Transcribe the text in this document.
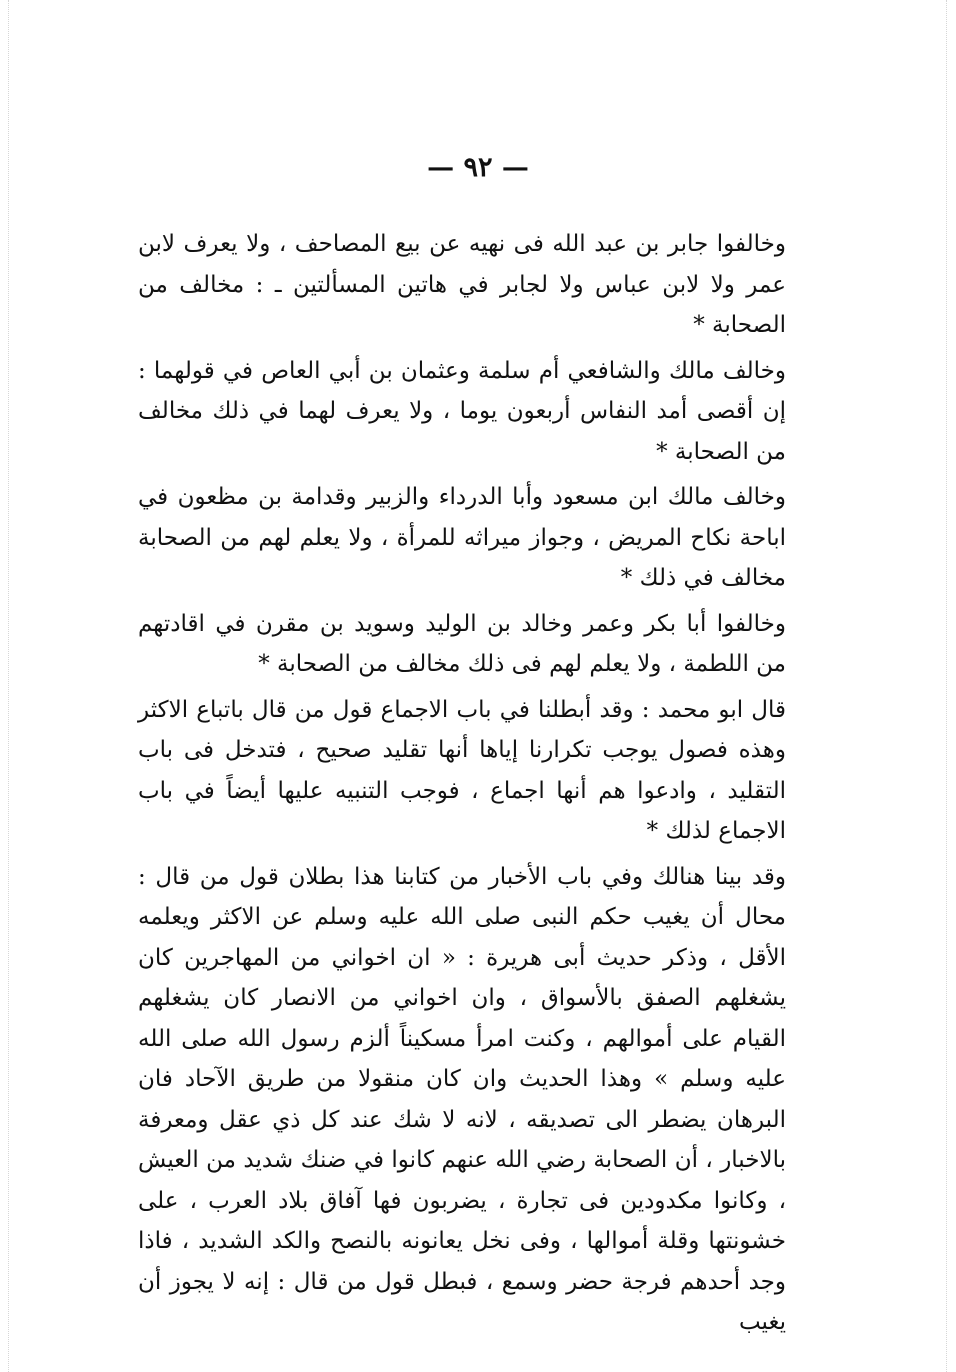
— ٩٢ —

وخالفوا جابر بن عبد الله فى نهيه عن بيع المصاحف ، ولا يعرف لابن عمر ولا لابن عباس ولا لجابر في هاتين المسألتين ـ : مخالف من الصحابة *

وخالف مالك والشافعي أم سلمة وعثمان بن أبي العاص في قولهما : إن أقصى أمد النفاس أربعون يوما ، ولا يعرف لهما في ذلك مخالف من الصحابة *

وخالف مالك ابن مسعود وأبا الدرداء والزبير وقدامة بن مظعون في اباحة نكاح المريض ، وجواز ميراثه للمرأة ، ولا يعلم لهم من الصحابة مخالف في ذلك *

وخالفوا أبا بكر وعمر وخالد بن الوليد وسويد بن مقرن في اقادتهم من اللطمة ، ولا يعلم لهم فى ذلك مخالف من الصحابة *

قال ابو محمد : وقد أبطلنا في باب الاجماع قول من قال باتباع الاكثر وهذه فصول يوجب تكرارنا إياها أنها تقليد صحيح ، فتدخل فى باب التقليد ، وادعوا هم أنها اجماع ، فوجب التنبيه عليها أيضاً في باب الاجماع لذلك *

وقد بينا هنالك وفي باب الأخبار من كتابنا هذا بطلان قول من قال : محال أن يغيب حكم النبى صلى الله عليه وسلم عن الاكثر ويعلمه الأقل ، وذكر حديث أبى هريرة : « ان اخواني من المهاجرين كان يشغلهم الصفق بالأسواق ، وان اخواني من الانصار كان يشغلهم القيام على أموالهم ، وكنت امرأ مسكيناً ألزم رسول الله صلى الله عليه وسلم » وهذا الحديث وان كان منقولا من طريق الآحاد فان البرهان يضطر الى تصديقه ، لانه لا شك عند كل ذي عقل ومعرفة بالاخبار ، أن الصحابة رضي الله عنهم كانوا في ضنك شديد من العيش ، وكانوا مكدودين فى تجارة ، يضربون فها آفاق بلاد العرب ، على خشونتها وقلة أموالها ، وفى نخل يعانونه بالنصح والكد الشديد ، فاذا وجد أحدهم فرجة حضر وسمع ، فبطل قول من قال : إنه لا يجوز أن يغيب
